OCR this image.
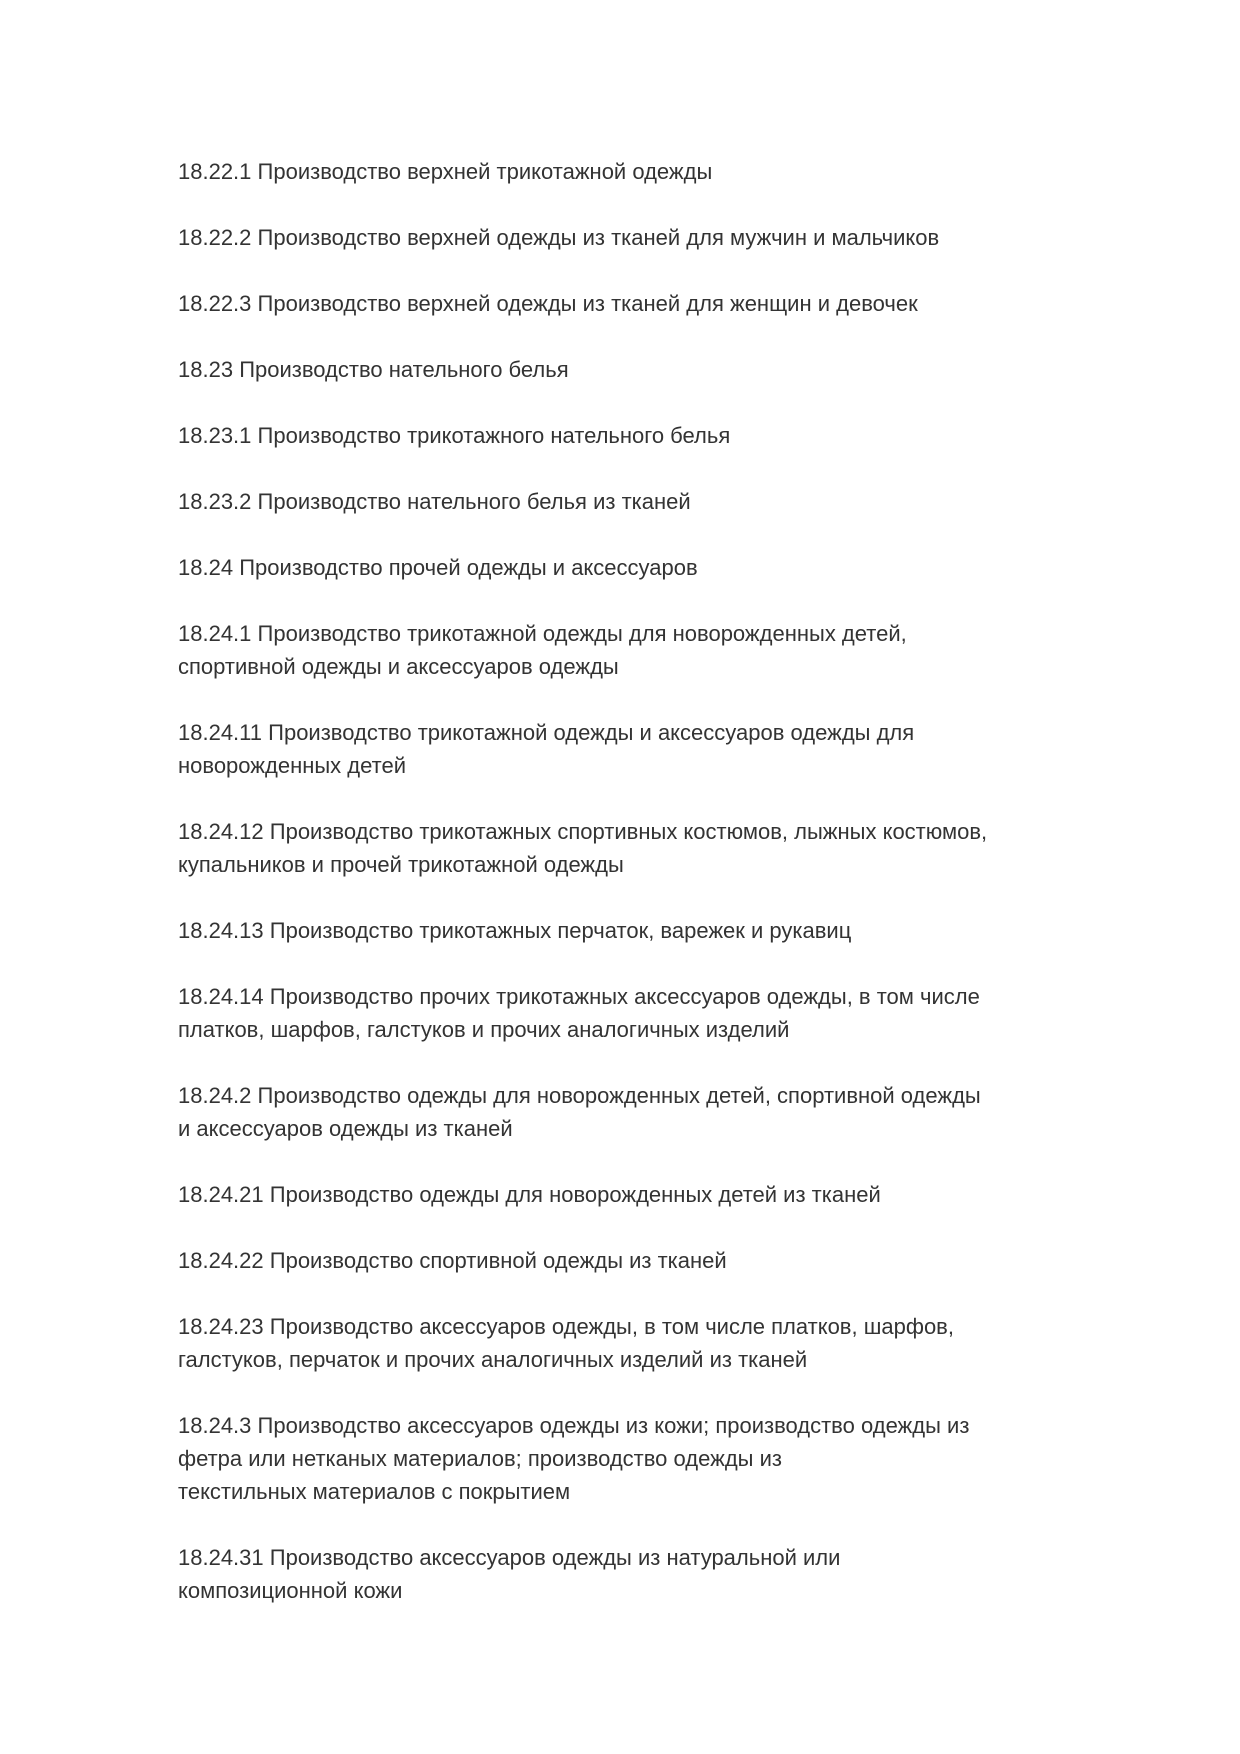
18.22.1 Производство верхней трикотажной одежды

18.22.2 Производство верхней одежды из тканей для мужчин и мальчиков

18.22.3 Производство верхней одежды из тканей для женщин и девочек

18.23 Производство нательного белья

18.23.1 Производство трикотажного нательного белья

18.23.2 Производство нательного белья из тканей

18.24 Производство прочей одежды и аксессуаров

18.24.1 Производство трикотажной одежды для новорожденных детей,
спортивной одежды и аксессуаров одежды

18.24.11 Производство трикотажной одежды и аксессуаров одежды для
новорожденных детей

18.24.12 Производство трикотажных спортивных костюмов, лыжных костюмов,
купальников и прочей трикотажной одежды

18.24.13 Производство трикотажных перчаток, варежек и рукавиц

18.24.14 Производство прочих трикотажных аксессуаров одежды, в том числе
платков, шарфов, галстуков и прочих аналогичных изделий

18.24.2 Производство одежды для новорожденных детей, спортивной одежды
и аксессуаров одежды из тканей

18.24.21 Производство одежды для новорожденных детей из тканей

18.24.22 Производство спортивной одежды из тканей

18.24.23 Производство аксессуаров одежды, в том числе платков, шарфов,
галстуков, перчаток и прочих аналогичных изделий из тканей

18.24.3 Производство аксессуаров одежды из кожи; производство одежды из
фетра или нетканых материалов; производство одежды из
текстильных материалов с покрытием

18.24.31 Производство аксессуаров одежды из натуральной или
композиционной кожи
